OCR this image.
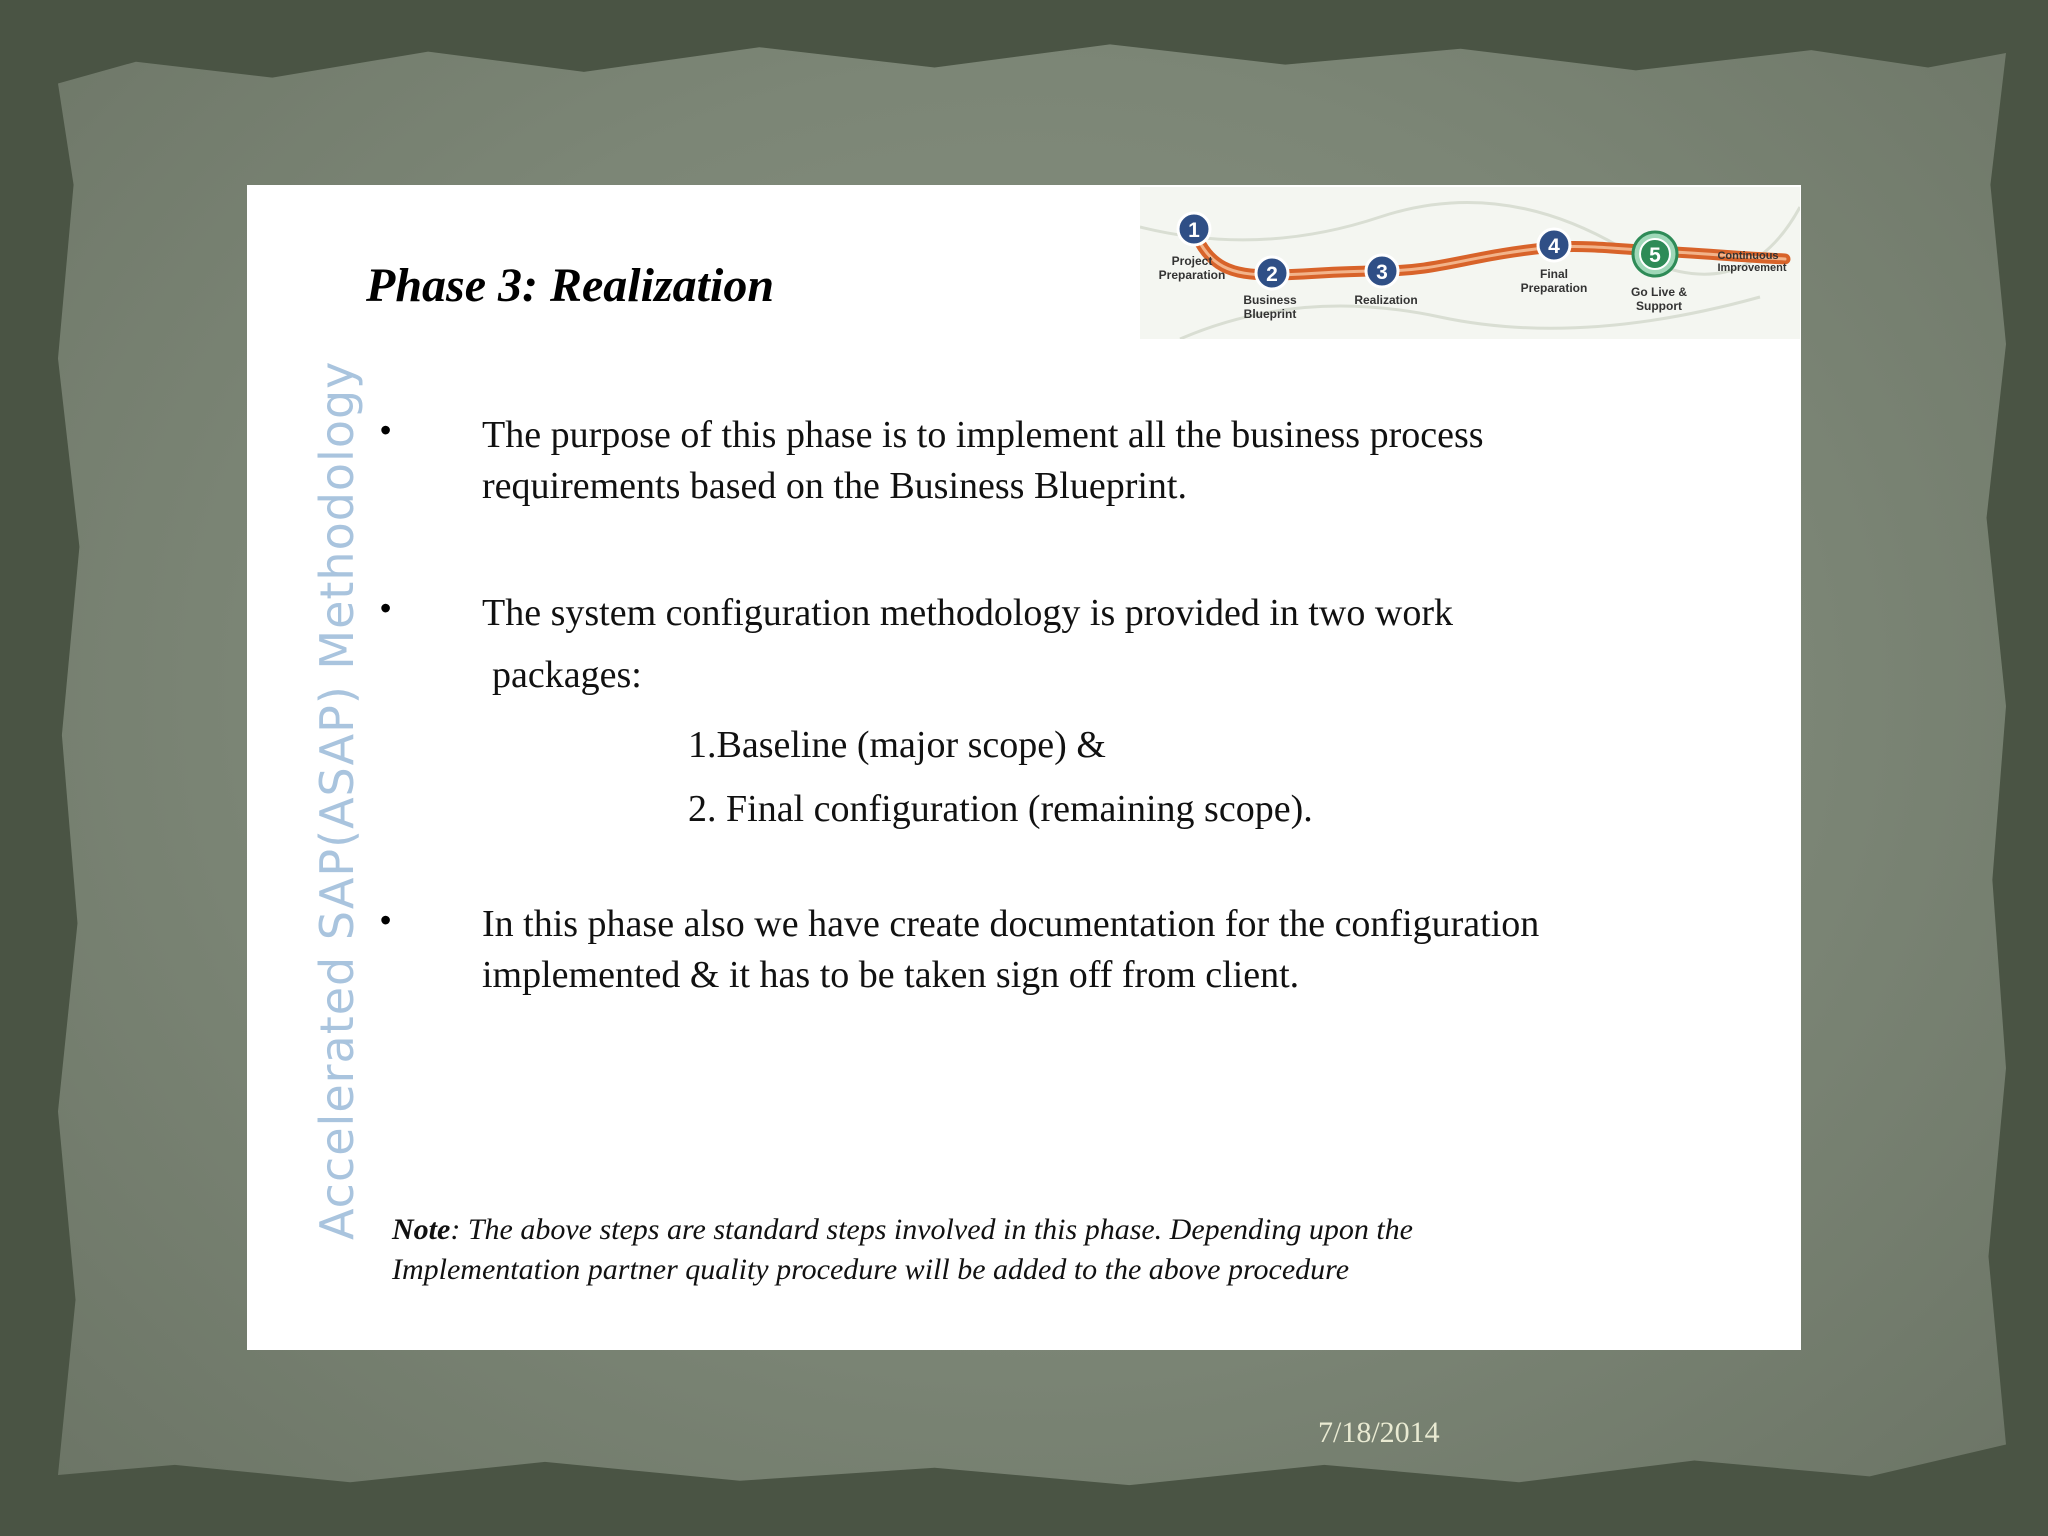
Accelerated SAP(ASAP) Methodology
Phase 3: Realization
1
Project
Preparation 2
Business
Blueprint
3
Realization
4
Final
Preparation
5
Go Live &
Support
Continuous
Improvement
• The purpose of this phase is to implement all the business process
requirements based on the Business Blueprint.
• The system configuration methodology is provided in two work
packages:
1.Baseline (major scope) &
2. Final configuration (remaining scope).
• In this phase also we have create documentation for the configuration
implemented & it has to be taken sign off from client.
Note: The above steps are standard steps involved in this phase. Depending upon the
Implementation partner quality procedure will be added to the above procedure
7/18/2014
